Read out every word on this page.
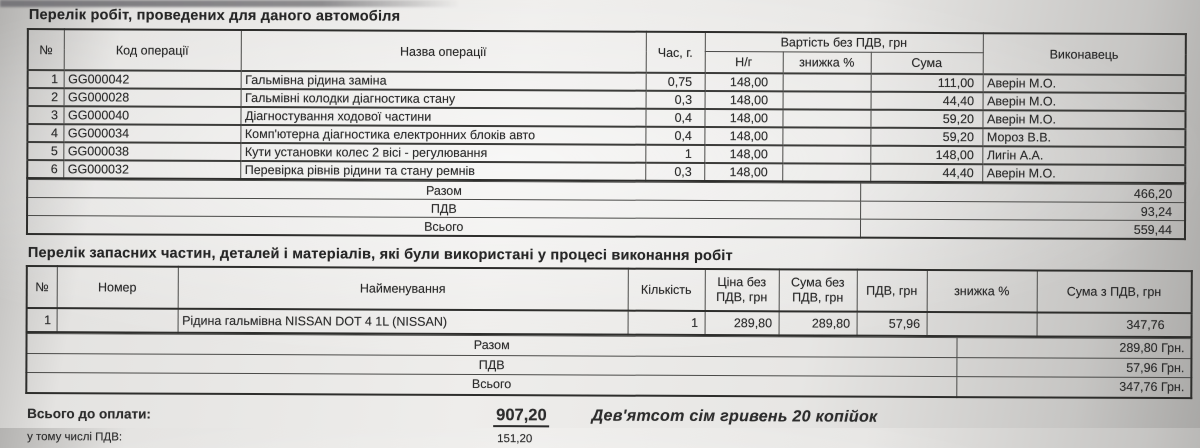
Перелік робіт, проведених для даного автомобіля
№	Код операції	Назва операції	Час, г.	Вартість без ПДВ, грн			Виконавець
				Н/г	знижка %	Сума	
1	GG000042	Гальмівна рідина заміна	0,75	148,00		111,00	Аверін М.О.
2	GG000028	Гальмівні колодки діагностика стану	0,3	148,00		44,40	Аверін М.О.
3	GG000040	Діагностування ходової частини	0,4	148,00		59,20	Аверін М.О.
4	GG000034	Комп'ютерна діагностика електронних блоків авто	0,4	148,00		59,20	Мороз В.В.
5	GG000038	Кути установки колес 2 вісі - регулювання	1	148,00		148,00	Лигін А.А.
6	GG000032	Перевірка рівнів рідини та стану ремнів	0,3	148,00		44,40	Аверін М.О.
Разом	466,20
ПДВ	93,24
Всього	559,44
Перелік запасних частин, деталей і матеріалів, які були використані у процесі виконання робіт
№	Номер	Найменування	Кількість	Ціна без ПДВ, грн	Сума без ПДВ, грн	ПДВ, грн	знижка %	Сума з ПДВ, грн
1		Рідина гальмівна NISSAN DOT 4 1L (NISSAN)	1	289,80	289,80	57,96		347,76
Разом	289,80 Грн.
ПДВ	57,96 Грн.
Всього	347,76 Грн.
Всього до оплати:	907,20	Дев'ятсот сім гривень 20 копійок
у тому числі ПДВ:	151,20
